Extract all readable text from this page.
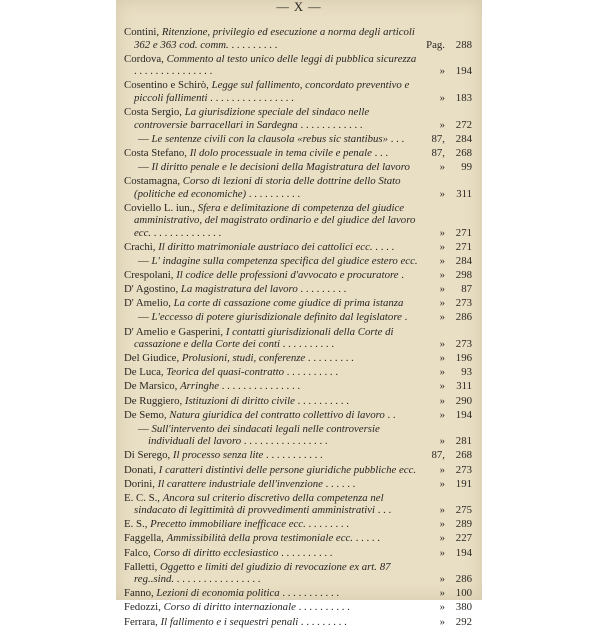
— X —
Contini, Ritenzione, privilegio ed esecuzione a norma degli articoli 362 e 363 cod. comm. . . . . . . . . .	Pag. 288
Cordova, Commento al testo unico delle leggi di pubblica sicurezza . . . . . . . . . . . . . . .	» 194
Cosentino e Schirò, Legge sul fallimento, concordato preventivo e piccoli fallimenti . . . . . . . . . . . . . . . .	» 183
Costa Sergio, La giurisdizione speciale del sindaco nelle controversie barracellari in Sardegna . . . . . . . . . . . .	» 272
— Le sentenze civili con la clausola «rebus sic stantibus» . . .	87, 284
Costa Stefano, Il dolo processuale in tema civile e penale . . .	87, 268
— Il diritto penale e le decisioni della Magistratura del lavoro	»	99
Costamagna, Corso di lezioni di storia delle dottrine dello Stato (politiche ed economiche) . . . . . . . . . .	»	311
Coviello L. iun., Sfera e delimitazione di competenza del giudice amministrativo, del magistrato ordinario e del giudice del lavoro ecc. . . . . . . . . . . . . .	» 271
Crachi, Il diritto matrimoniale austriaco dei cattolici ecc. . . . .	» 271
— L' indagine sulla competenza specifica del giudice estero ecc.	» 284
Crespolani, Il codice delle professioni d'avvocato e procuratore .	» 298
D' Agostino, La magistratura del lavoro . . . . . . . . .	»	87
D' Amelio, La corte di cassazione come giudice di prima istanza	» 273
— L'eccesso di potere giurisdizionale definito dal legislatore .	» 286
D' Amelio e Gasperini, I contatti giurisdizionali della Corte di cassazione e della Corte dei conti . . . . . . . . . .	» 273
Del Giudice, Prolusioni, studi, conferenze . . . . . . . . .	» 196
De Luca, Teorica del quasi-contratto . . . . . . . . . .	»	93
De Marsico, Arringhe . . . . . . . . . . . . . . .	»	311
De Ruggiero, Istituzioni di diritto civile . . . . . . . . . .	» 290
De Semo, Natura giuridica del contratto collettivo di lavoro . .	» 194
— Sull'intervento dei sindacati legali nelle controversie individuali del lavoro . . . . . . . . . . . . . . . .	» 281
Di Serego, Il processo senza lite . . . . . . . . . . .	87, 268
Donati, I caratteri distintivi delle persone giuridiche pubbliche ecc.	» 273
Dorini, Il carattere industriale dell'invenzione . . . . . .	» 191
E. C. S., Ancora sul criterio discretivo della competenza nel sindacato di legittimità di provvedimenti amministrativi . . .	» 275
E. S., Precetto immobiliare inefficace ecc. . . . . . . . .	» 289
Faggella, Ammissibilità della prova testimoniale ecc. . . . . .	» 227
Falco, Corso di diritto ecclesiastico . . . . . . . . . .	» 194
Falletti, Oggetto e limiti del giudizio di revocazione ex art. 87 reg..sind. . . . . . . . . . . . . . . . .	» 286
Fanno, Lezioni di economia politica . . . . . . . . . . .	» 100
Fedozzi, Corso di diritto internazionale . . . . . . . . . .	» 380
Ferrara, Il fallimento e i sequestri penali . . . . . . . . .	» 292
